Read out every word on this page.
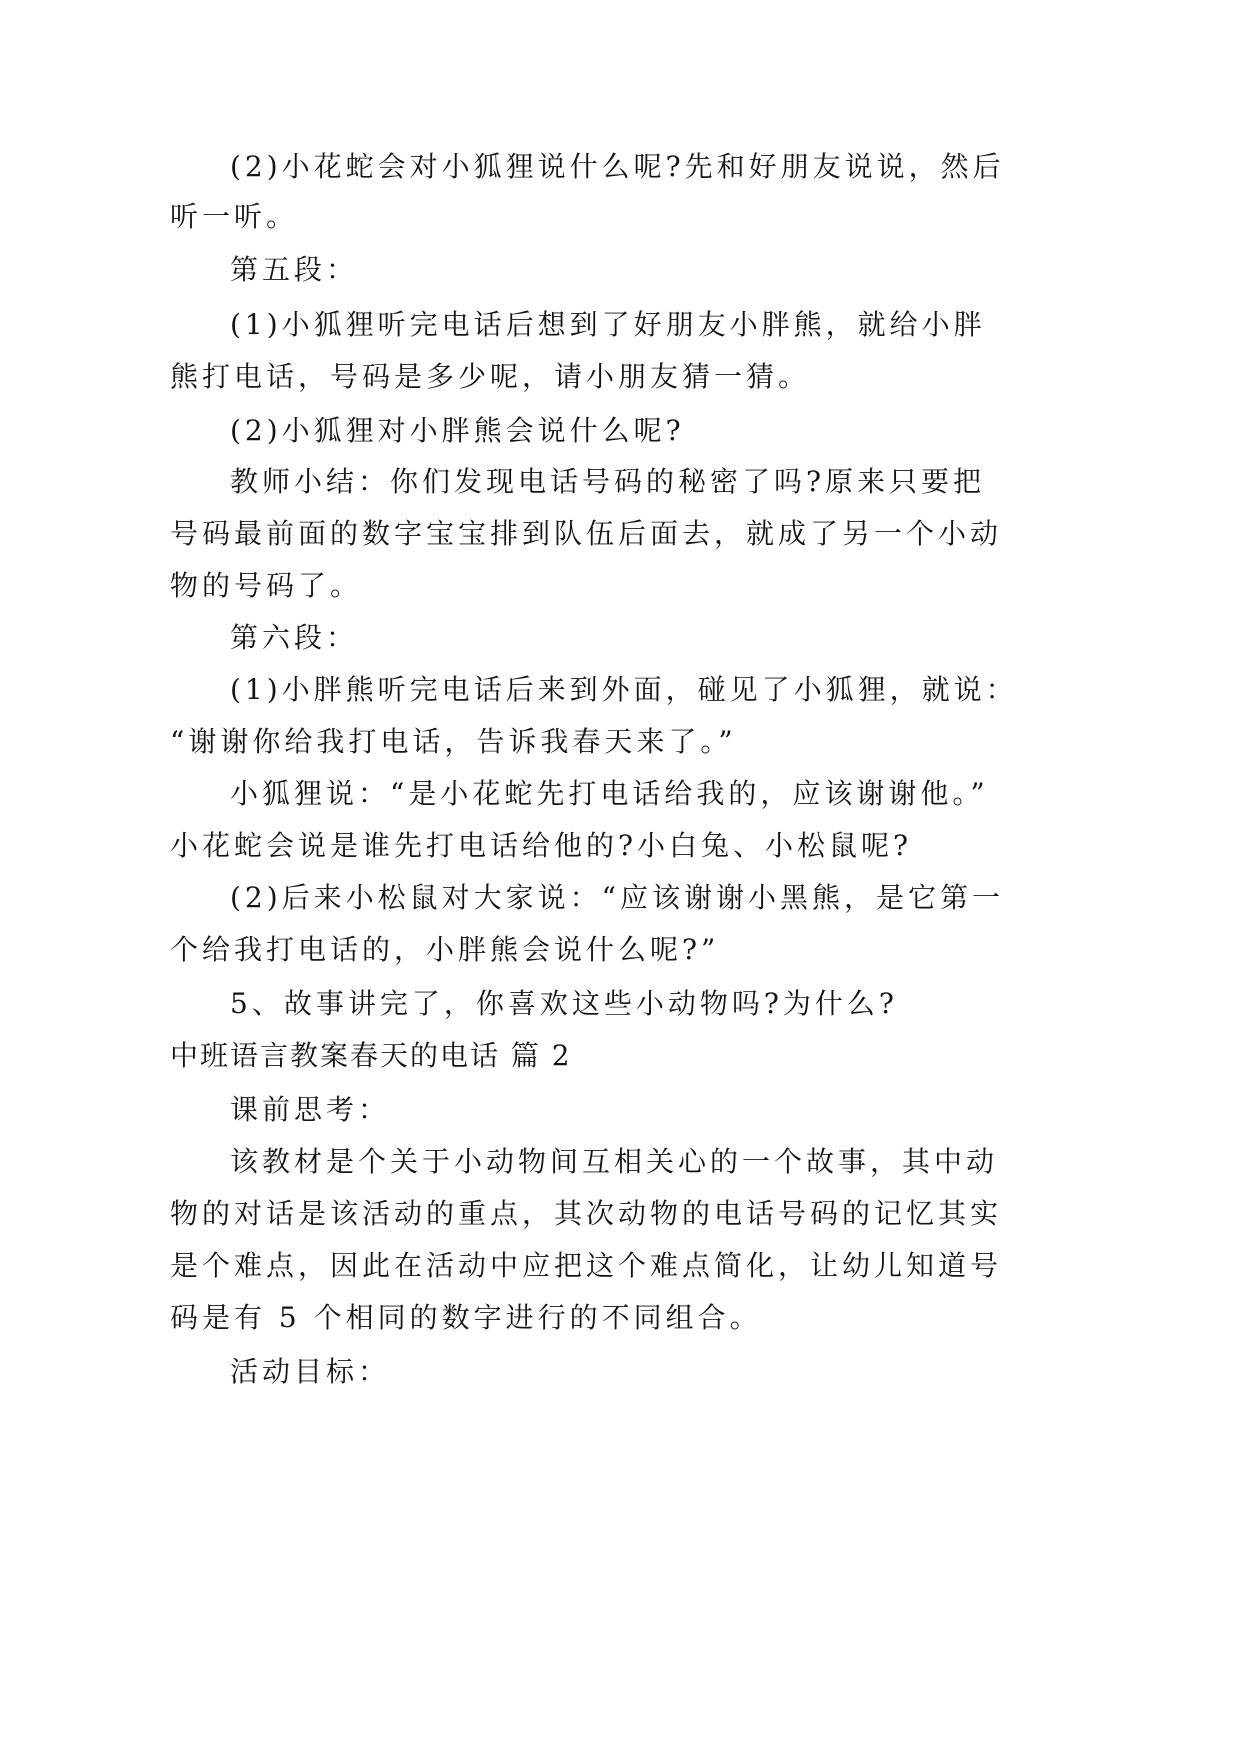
(2)小花蛇会对小狐狸说什么呢?先和好朋友说说，然后
听一听。
第五段：
(1)小狐狸听完电话后想到了好朋友小胖熊，就给小胖
熊打电话，号码是多少呢，请小朋友猜一猜。
(2)小狐狸对小胖熊会说什么呢?
教师小结：你们发现电话号码的秘密了吗?原来只要把
号码最前面的数字宝宝排到队伍后面去，就成了另一个小动
物的号码了。
第六段：
(1)小胖熊听完电话后来到外面，碰见了小狐狸，就说：
“谢谢你给我打电话，告诉我春天来了。”
小狐狸说：“是小花蛇先打电话给我的，应该谢谢他。”
小花蛇会说是谁先打电话给他的?小白兔、小松鼠呢?
(2)后来小松鼠对大家说：“应该谢谢小黑熊，是它第一
个给我打电话的，小胖熊会说什么呢?”
5、故事讲完了，你喜欢这些小动物吗?为什么?
中班语言教案春天的电话 篇 2
课前思考：
该教材是个关于小动物间互相关心的一个故事，其中动
物的对话是该活动的重点，其次动物的电话号码的记忆其实
是个难点，因此在活动中应把这个难点简化，让幼儿知道号
码是有 5 个相同的数字进行的不同组合。
活动目标：
